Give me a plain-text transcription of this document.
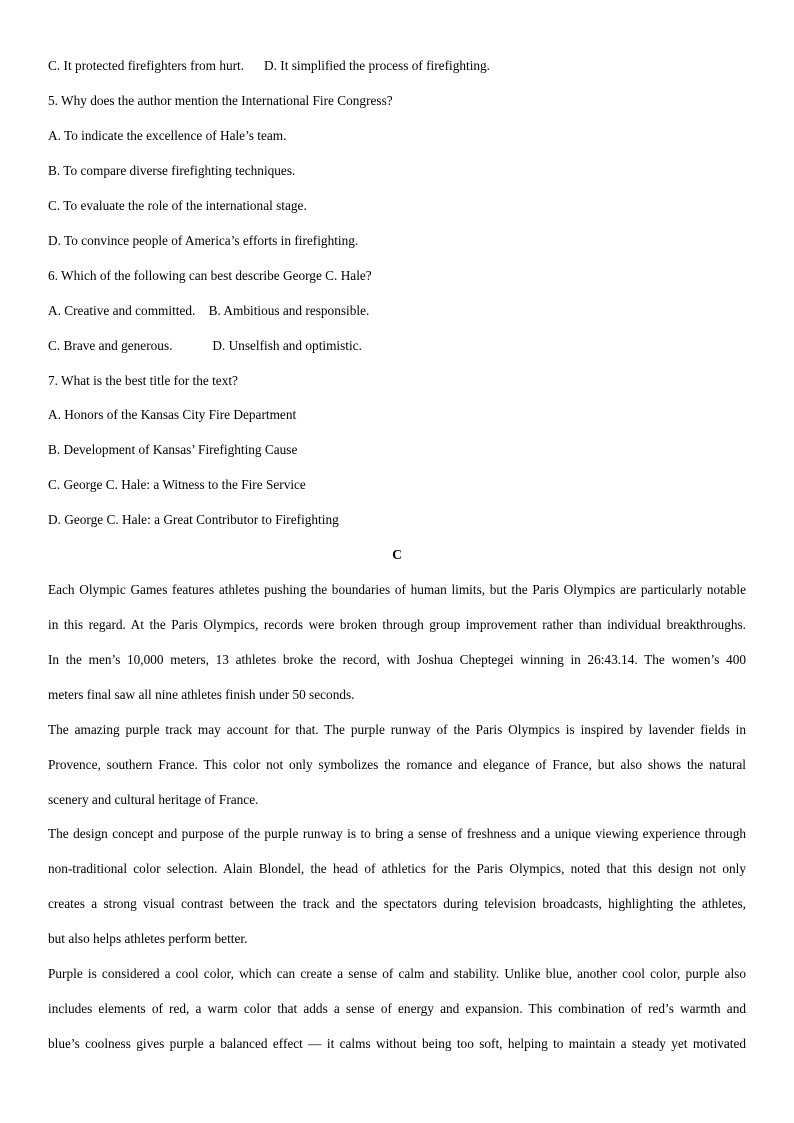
C. It protected firefighters from hurt.      D. It simplified the process of firefighting.
5. Why does the author mention the International Fire Congress?
A. To indicate the excellence of Hale’s team.
B. To compare diverse firefighting techniques.
C. To evaluate the role of the international stage.
D. To convince people of America’s efforts in firefighting.
6. Which of the following can best describe George C. Hale?
A. Creative and committed.    B. Ambitious and responsible.
C. Brave and generous.            D. Unselfish and optimistic.
7. What is the best title for the text?
A. Honors of the Kansas City Fire Department
B. Development of Kansas’ Firefighting Cause
C. George C. Hale: a Witness to the Fire Service
D. George C. Hale: a Great Contributor to Firefighting
C
Each Olympic Games features athletes pushing the boundaries of human limits, but the Paris Olympics are particularly notable
in this regard. At the Paris Olympics, records were broken through group improvement rather than individual breakthroughs.
In the men’s 10,000 meters, 13 athletes broke the record, with Joshua Cheptegei winning in 26:43.14. The women’s 400
meters final saw all nine athletes finish under 50 seconds.
The amazing purple track may account for that. The purple runway of the Paris Olympics is inspired by lavender fields in
Provence, southern France. This color not only symbolizes the romance and elegance of France, but also shows the natural
scenery and cultural heritage of France.
The design concept and purpose of the purple runway is to bring a sense of freshness and a unique viewing experience through
non-traditional color selection. Alain Blondel, the head of athletics for the Paris Olympics, noted that this design not only
creates a strong visual contrast between the track and the spectators during television broadcasts, highlighting the athletes,
but also helps athletes perform better.
Purple is considered a cool color, which can create a sense of calm and stability. Unlike blue, another cool color, purple also
includes elements of red, a warm color that adds a sense of energy and expansion. This combination of red’s warmth and
blue’s coolness gives purple a balanced effect — it calms without being too soft, helping to maintain a steady yet motivated
